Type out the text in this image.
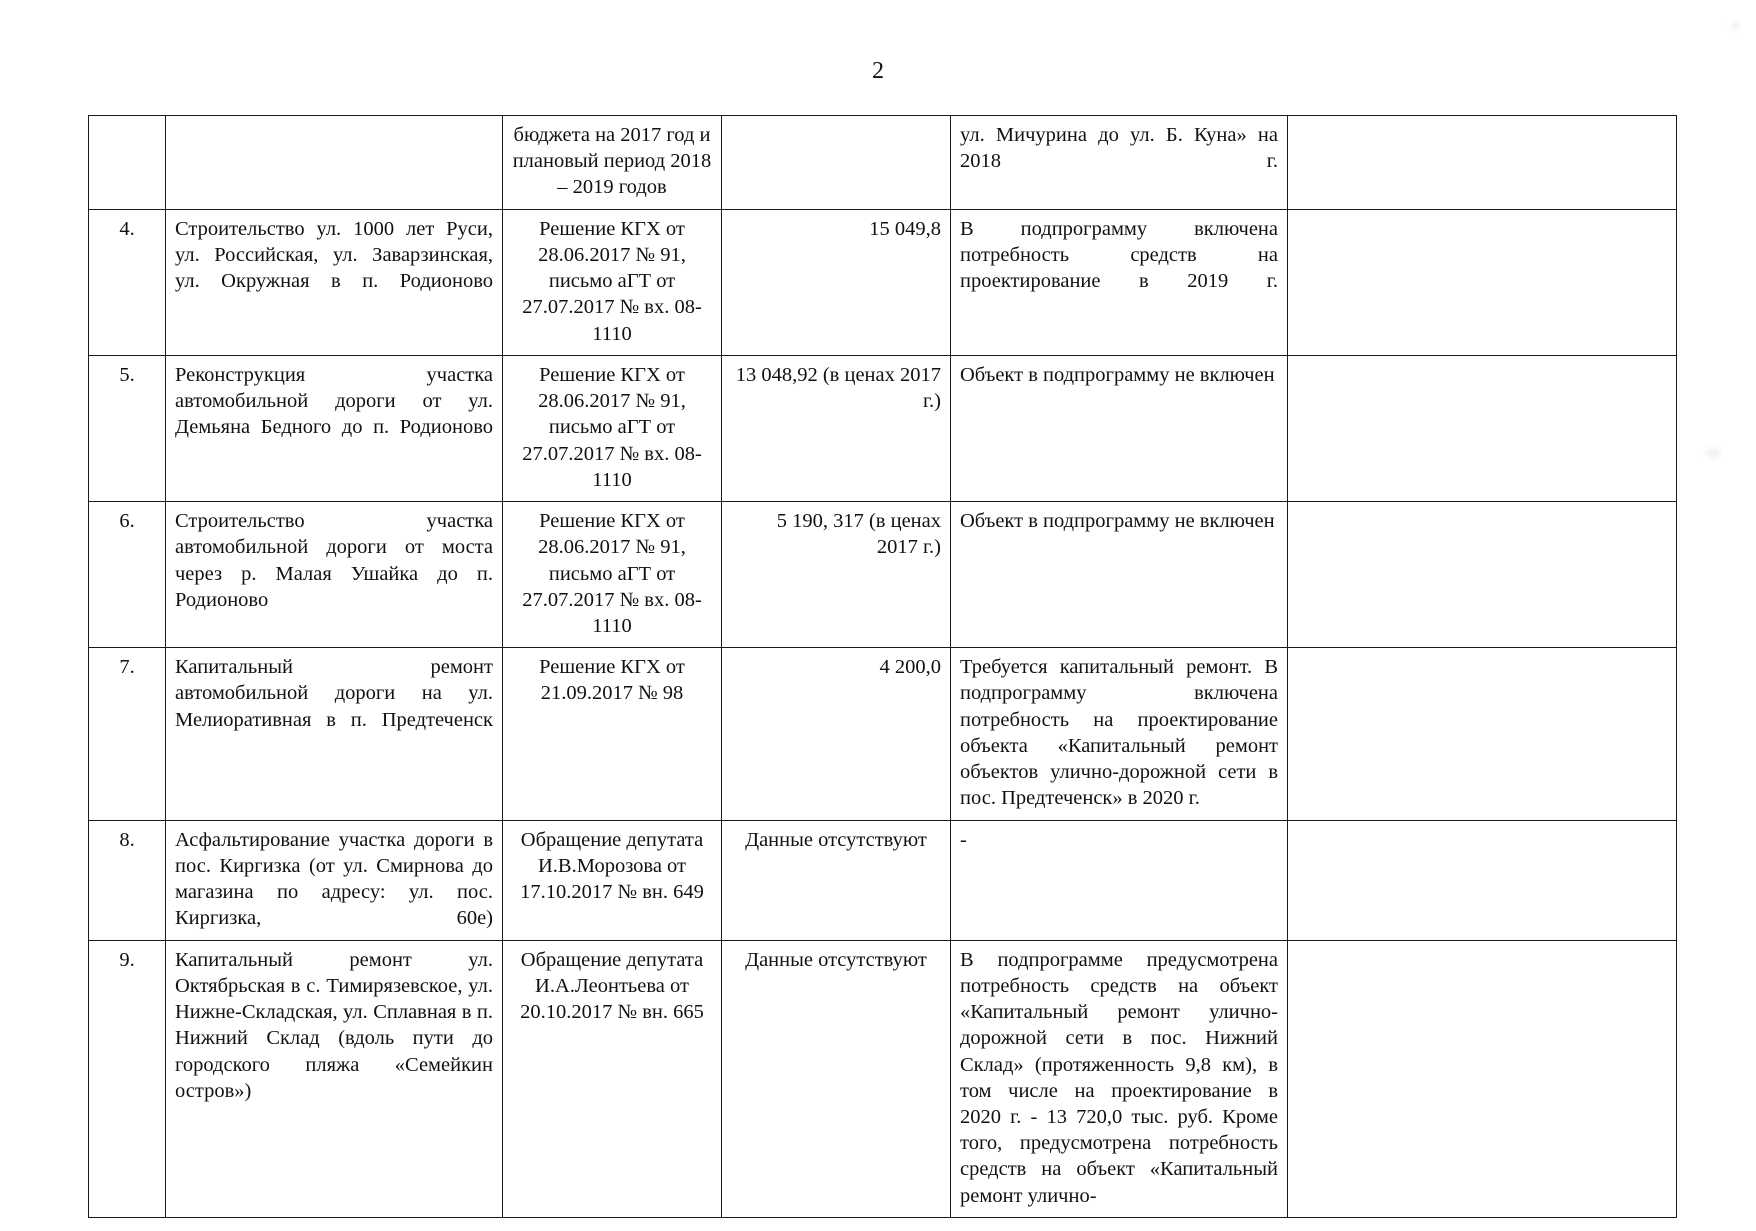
2
		бюджета на 2017 год и плановый период 2018 – 2019 годов		ул. Мичурина до ул. Б. Куна» на 2018 г.	
4.	Строительство ул. 1000 лет Руси, ул. Российская, ул. Заварзинская, ул. Окружная в п. Родионово	Решение КГХ от 28.06.2017 № 91, письмо аГТ от 27.07.2017 № вх. 08-1110	15 049,8	В подпрограмму включена потребность средств на проектирование в 2019 г.	
5.	Реконструкция участка автомобильной дороги от ул. Демьяна Бедного до п. Родионово	Решение КГХ от 28.06.2017 № 91, письмо аГТ от 27.07.2017 № вх. 08-1110	13 048,92 (в ценах 2017 г.)	Объект в подпрограмму не включен	
6.	Строительство участка автомобильной дороги от моста через р. Малая Ушайка до п. Родионово	Решение КГХ от 28.06.2017 № 91, письмо аГТ от 27.07.2017 № вх. 08-1110	5 190, 317 (в ценах 2017 г.)	Объект в подпрограмму не включен	
7.	Капитальный ремонт автомобильной дороги на ул. Мелиоративная в п. Предтеченск	Решение КГХ от 21.09.2017 № 98	4 200,0	Требуется капитальный ремонт. В подпрограмму включена потребность на проектирование объекта «Капитальный ремонт объектов улично-дорожной сети в пос. Предтеченск» в 2020 г.	
8.	Асфальтирование участка дороги в пос. Киргизка (от ул. Смирнова до магазина по адресу: ул. пос. Киргизка, 60е)	Обращение депутата И.В.Морозова от 17.10.2017 № вн. 649	Данные отсутствуют	-	
9.	Капитальный ремонт ул. Октябрьская в с. Тимирязевское, ул. Нижне-Складская, ул. Сплавная в п. Нижний Склад (вдоль пути до городского пляжа «Семейкин остров»)	Обращение депутата И.А.Леонтьева от 20.10.2017 № вн. 665	Данные отсутствуют	В подпрограмме предусмотрена потребность средств на объект «Капитальный ремонт улично-дорожной сети в пос. Нижний Склад» (протяженность 9,8 км), в том числе на проектирование в 2020 г. - 13 720,0 тыс. руб. Кроме того, предусмотрена потребность средств на объект «Капитальный ремонт улично-	
